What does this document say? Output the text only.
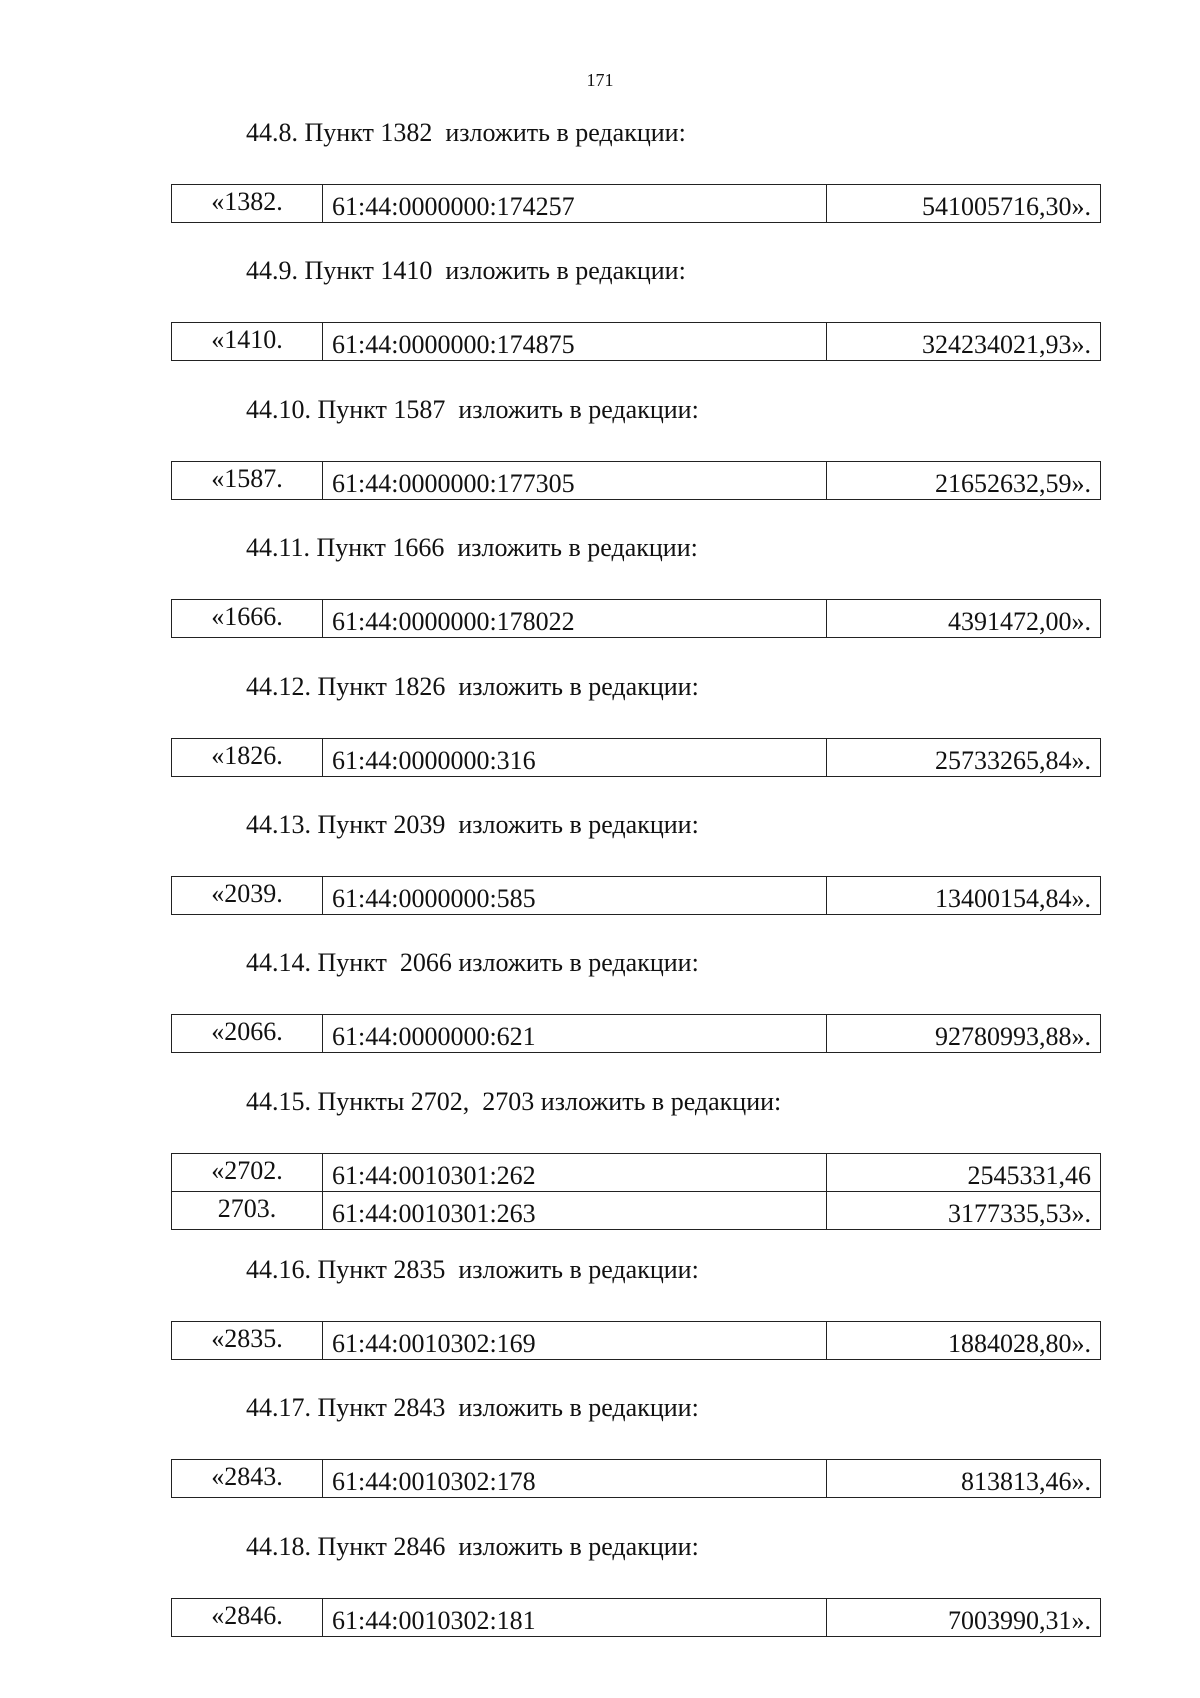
171
44.8. Пункт 1382  изложить в редакции:
«1382.	61:44:0000000:174257	541005716,30».
44.9. Пункт 1410  изложить в редакции:
«1410.	61:44:0000000:174875	324234021,93».
44.10. Пункт 1587  изложить в редакции:
«1587.	61:44:0000000:177305	21652632,59».
44.11. Пункт 1666  изложить в редакции:
«1666.	61:44:0000000:178022	4391472,00».
44.12. Пункт 1826  изложить в редакции:
«1826.	61:44:0000000:316	25733265,84».
44.13. Пункт 2039  изложить в редакции:
«2039.	61:44:0000000:585	13400154,84».
44.14. Пункт  2066 изложить в редакции:
«2066.	61:44:0000000:621	92780993,88».
44.15. Пункты 2702,  2703 изложить в редакции:
«2702.	61:44:0010301:262	2545331,46
2703.	61:44:0010301:263	3177335,53».
44.16. Пункт 2835  изложить в редакции:
«2835.	61:44:0010302:169	1884028,80».
44.17. Пункт 2843  изложить в редакции:
«2843.	61:44:0010302:178	813813,46».
44.18. Пункт 2846  изложить в редакции:
«2846.	61:44:0010302:181	7003990,31».
